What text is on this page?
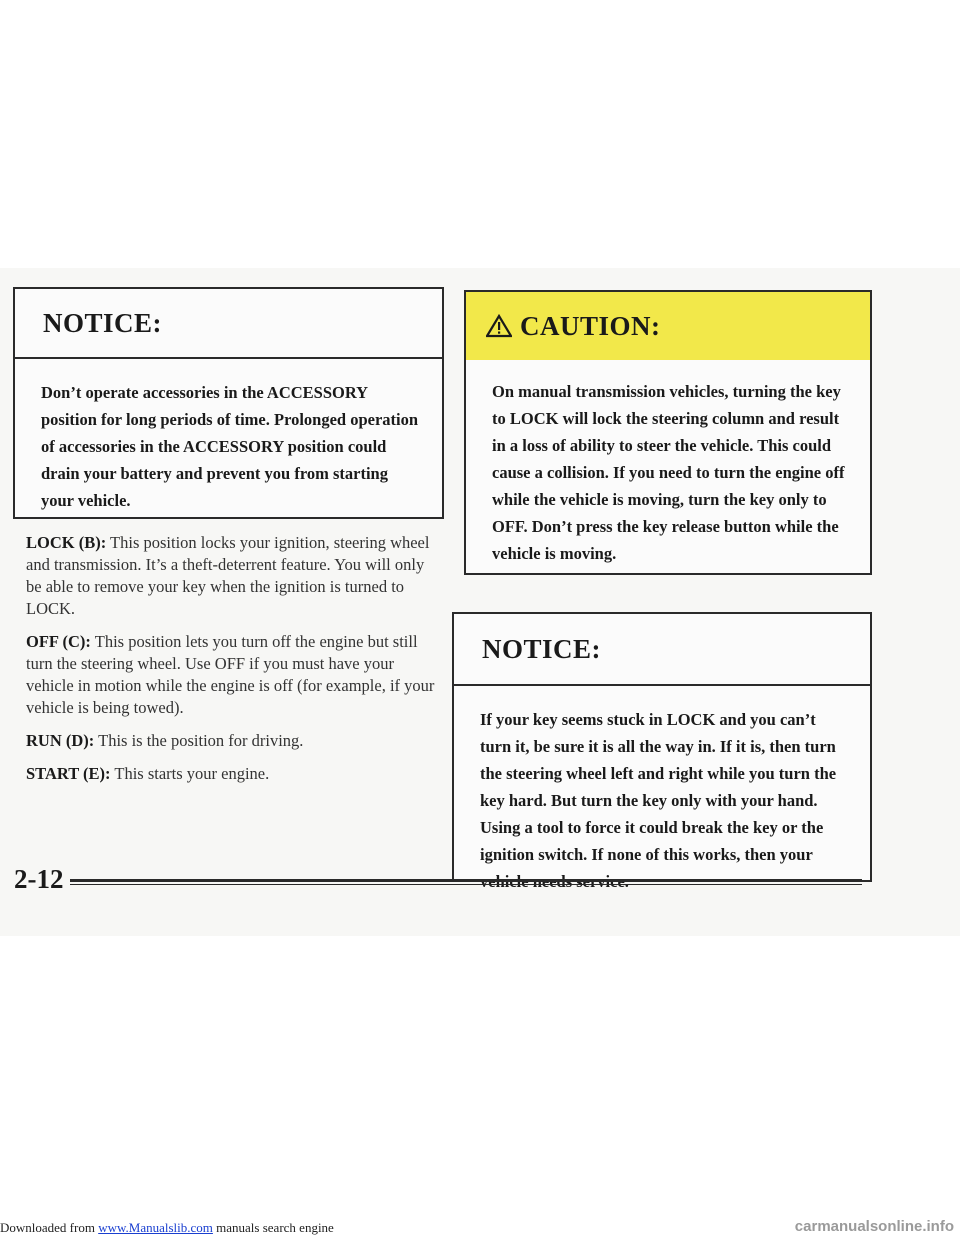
NOTICE:
Don’t operate accessories in the ACCESSORY position for long periods of time. Prolonged operation of accessories in the ACCESSORY position could drain your battery and prevent you from starting your vehicle.

LOCK (B): This position locks your ignition, steering wheel and transmission. It’s a theft-deterrent feature. You will only be able to remove your key when the ignition is turned to LOCK.

OFF (C): This position lets you turn off the engine but still turn the steering wheel. Use OFF if you must have your vehicle in motion while the engine is off (for example, if your vehicle is being towed).

RUN (D): This is the position for driving.

START (E): This starts your engine.

CAUTION:
On manual transmission vehicles, turning the key to LOCK will lock the steering column and result in a loss of ability to steer the vehicle. This could cause a collision. If you need to turn the engine off while the vehicle is moving, turn the key only to OFF. Don’t press the key release button while the vehicle is moving.
NOTICE:
If your key seems stuck in LOCK and you can’t turn it, be sure it is all the way in. If it is, then turn the steering wheel left and right while you turn the key hard. But turn the key only with your hand. Using a tool to force it could break the key or the ignition switch. If none of this works, then your
2-12
Downloaded from www.Manualslib.com manuals search engine	carmanualsonline.info
